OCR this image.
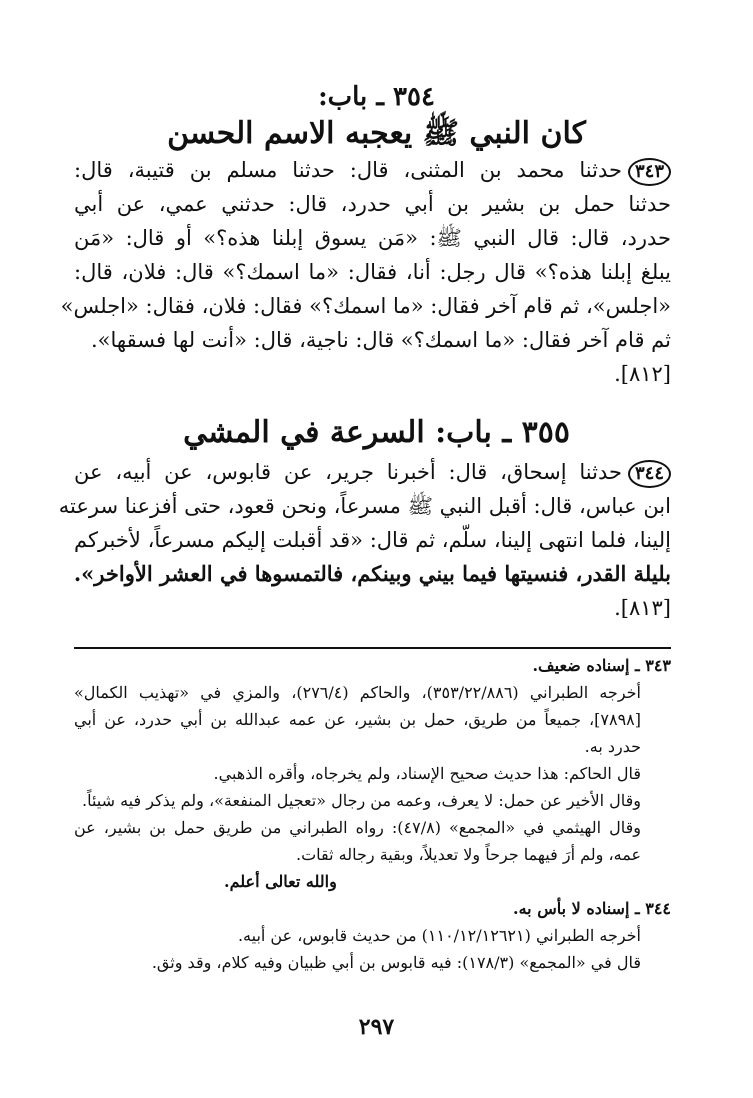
٣٥٤ ـ باب:
كان النبي ﷺ يعجبه الاسم الحسن
٣٤٣حدثنا محمد بن المثنى، قال: حدثنا مسلم بن قتيبة، قال:
حدثنا حمل بن بشير بن أبي حدرد، قال: حدثني عمي، عن أبي
حدرد، قال: قال النبي ﷺ: «مَن يسوق إبلنا هذه؟» أو قال: «مَن
يبلغ إبلنا هذه؟» قال رجل: أنا، فقال: «ما اسمك؟» قال: فلان، قال:
«اجلس»، ثم قام آخر فقال: «ما اسمك؟» فقال: فلان، فقال: «اجلس»
ثم قام آخر فقال: «ما اسمك؟» قال: ناجية، قال: «أنت لها فسقها».
[٨١٢].
٣٥٥ ـ باب: السرعة في المشي
٣٤٤حدثنا إسحاق، قال: أخبرنا جرير، عن قابوس، عن أبيه، عن
ابن عباس، قال: أقبل النبي ﷺ مسرعاً، ونحن قعود، حتى أفزعنا سرعته
إلينا، فلما انتهى إلينا، سلّم، ثم قال: «قد أقبلت إليكم مسرعاً، لأخبركم
بليلة القدر، فنسيتها فيما بيني وبينكم، فالتمسوها في العشر الأواخر».
[٨١٣].
٣٤٣ ـ إسناده ضعيف.
أخرجه الطبراني (٣٥٣/٢٢/٨٨٦)، والحاكم (٢٧٦/٤)، والمزي في «تهذيب الكمال»
[٧٨٩٨]، جميعاً من طريق، حمل بن بشير، عن عمه عبدالله بن أبي حدرد، عن أبي
حدرد به.
قال الحاكم: هذا حديث صحيح الإسناد، ولم يخرجاه، وأقره الذهبي.
وقال الأخير عن حمل: لا يعرف، وعمه من رجال «تعجيل المنفعة»، ولم يذكر فيه شيئاً.
وقال الهيثمي في «المجمع» (٤٧/٨): رواه الطبراني من طريق حمل بن بشير، عن
عمه، ولم أرَ فيهما جرحاً ولا تعديلاً، وبقية رجاله ثقات.
والله تعالى أعلم.
٣٤٤ ـ إسناده لا بأس به.
أخرجه الطبراني (١١٠/١٢/١٢٦٢١) من حديث قابوس، عن أبيه.
قال في «المجمع» (١٧٨/٣): فيه قابوس بن أبي ظبيان وفيه كلام، وقد وثق.
٢٩٧
